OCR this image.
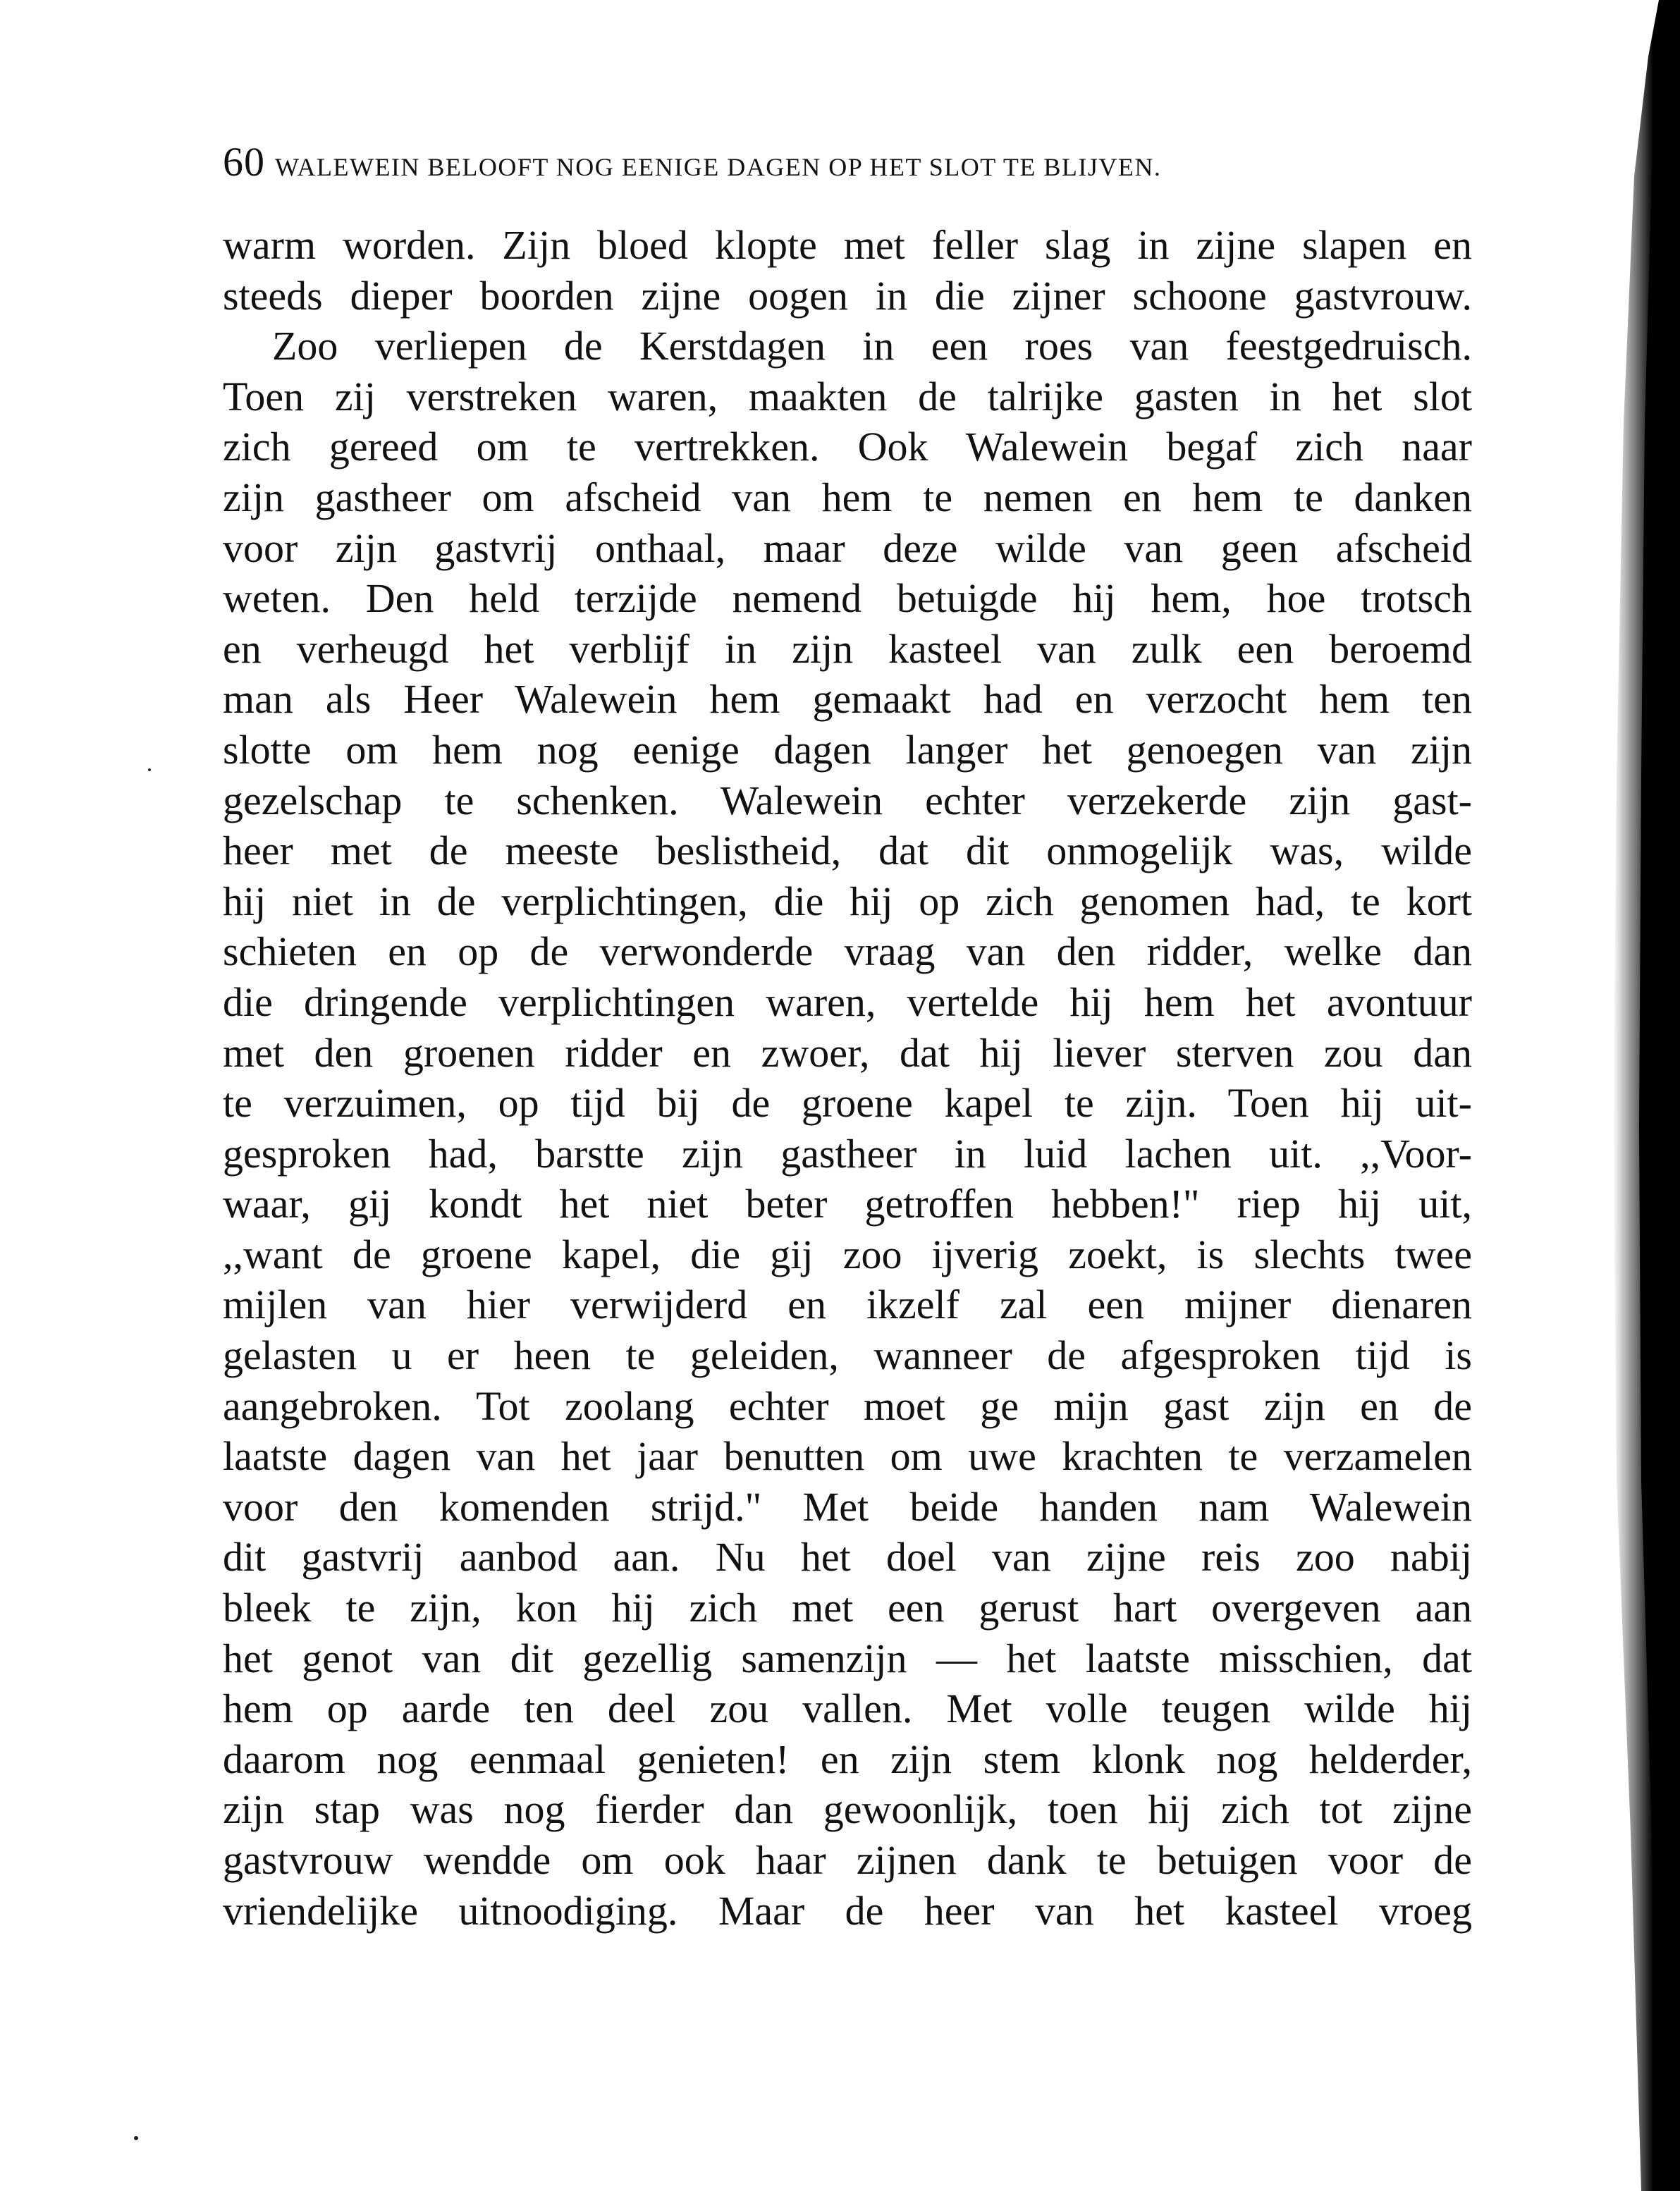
60 WALEWEIN BELOOFT NOG EENIGE DAGEN OP HET SLOT TE BLIJVEN.
warm worden. Zijn bloed klopte met feller slag in zijne slapen en
steeds dieper boorden zijne oogen in die zijner schoone gastvrouw.
Zoo verliepen de Kerstdagen in een roes van feestgedruisch.
Toen zij verstreken waren, maakten de talrijke gasten in het slot
zich gereed om te vertrekken. Ook Walewein begaf zich naar
zijn gastheer om afscheid van hem te nemen en hem te danken
voor zijn gastvrij onthaal, maar deze wilde van geen afscheid
weten. Den held terzijde nemend betuigde hij hem, hoe trotsch
en verheugd het verblijf in zijn kasteel van zulk een beroemd
man als Heer Walewein hem gemaakt had en verzocht hem ten
slotte om hem nog eenige dagen langer het genoegen van zijn
gezelschap te schenken. Walewein echter verzekerde zijn gast-
heer met de meeste beslistheid, dat dit onmogelijk was, wilde
hij niet in de verplichtingen, die hij op zich genomen had, te kort
schieten en op de verwonderde vraag van den ridder, welke dan
die dringende verplichtingen waren, vertelde hij hem het avontuur
met den groenen ridder en zwoer, dat hij liever sterven zou dan
te verzuimen, op tijd bij de groene kapel te zijn. Toen hij uit-
gesproken had, barstte zijn gastheer in luid lachen uit. ,,Voor-
waar, gij kondt het niet beter getroffen hebben!" riep hij uit,
,,want de groene kapel, die gij zoo ijverig zoekt, is slechts twee
mijlen van hier verwijderd en ikzelf zal een mijner dienaren
gelasten u er heen te geleiden, wanneer de afgesproken tijd is
aangebroken. Tot zoolang echter moet ge mijn gast zijn en de
laatste dagen van het jaar benutten om uwe krachten te verzamelen
voor den komenden strijd." Met beide handen nam Walewein
dit gastvrij aanbod aan. Nu het doel van zijne reis zoo nabij
bleek te zijn, kon hij zich met een gerust hart overgeven aan
het genot van dit gezellig samenzijn — het laatste misschien, dat
hem op aarde ten deel zou vallen. Met volle teugen wilde hij
daarom nog eenmaal genieten! en zijn stem klonk nog helderder,
zijn stap was nog fierder dan gewoonlijk, toen hij zich tot zijne
gastvrouw wendde om ook haar zijnen dank te betuigen voor de
vriendelijke uitnoodiging. Maar de heer van het kasteel vroeg
